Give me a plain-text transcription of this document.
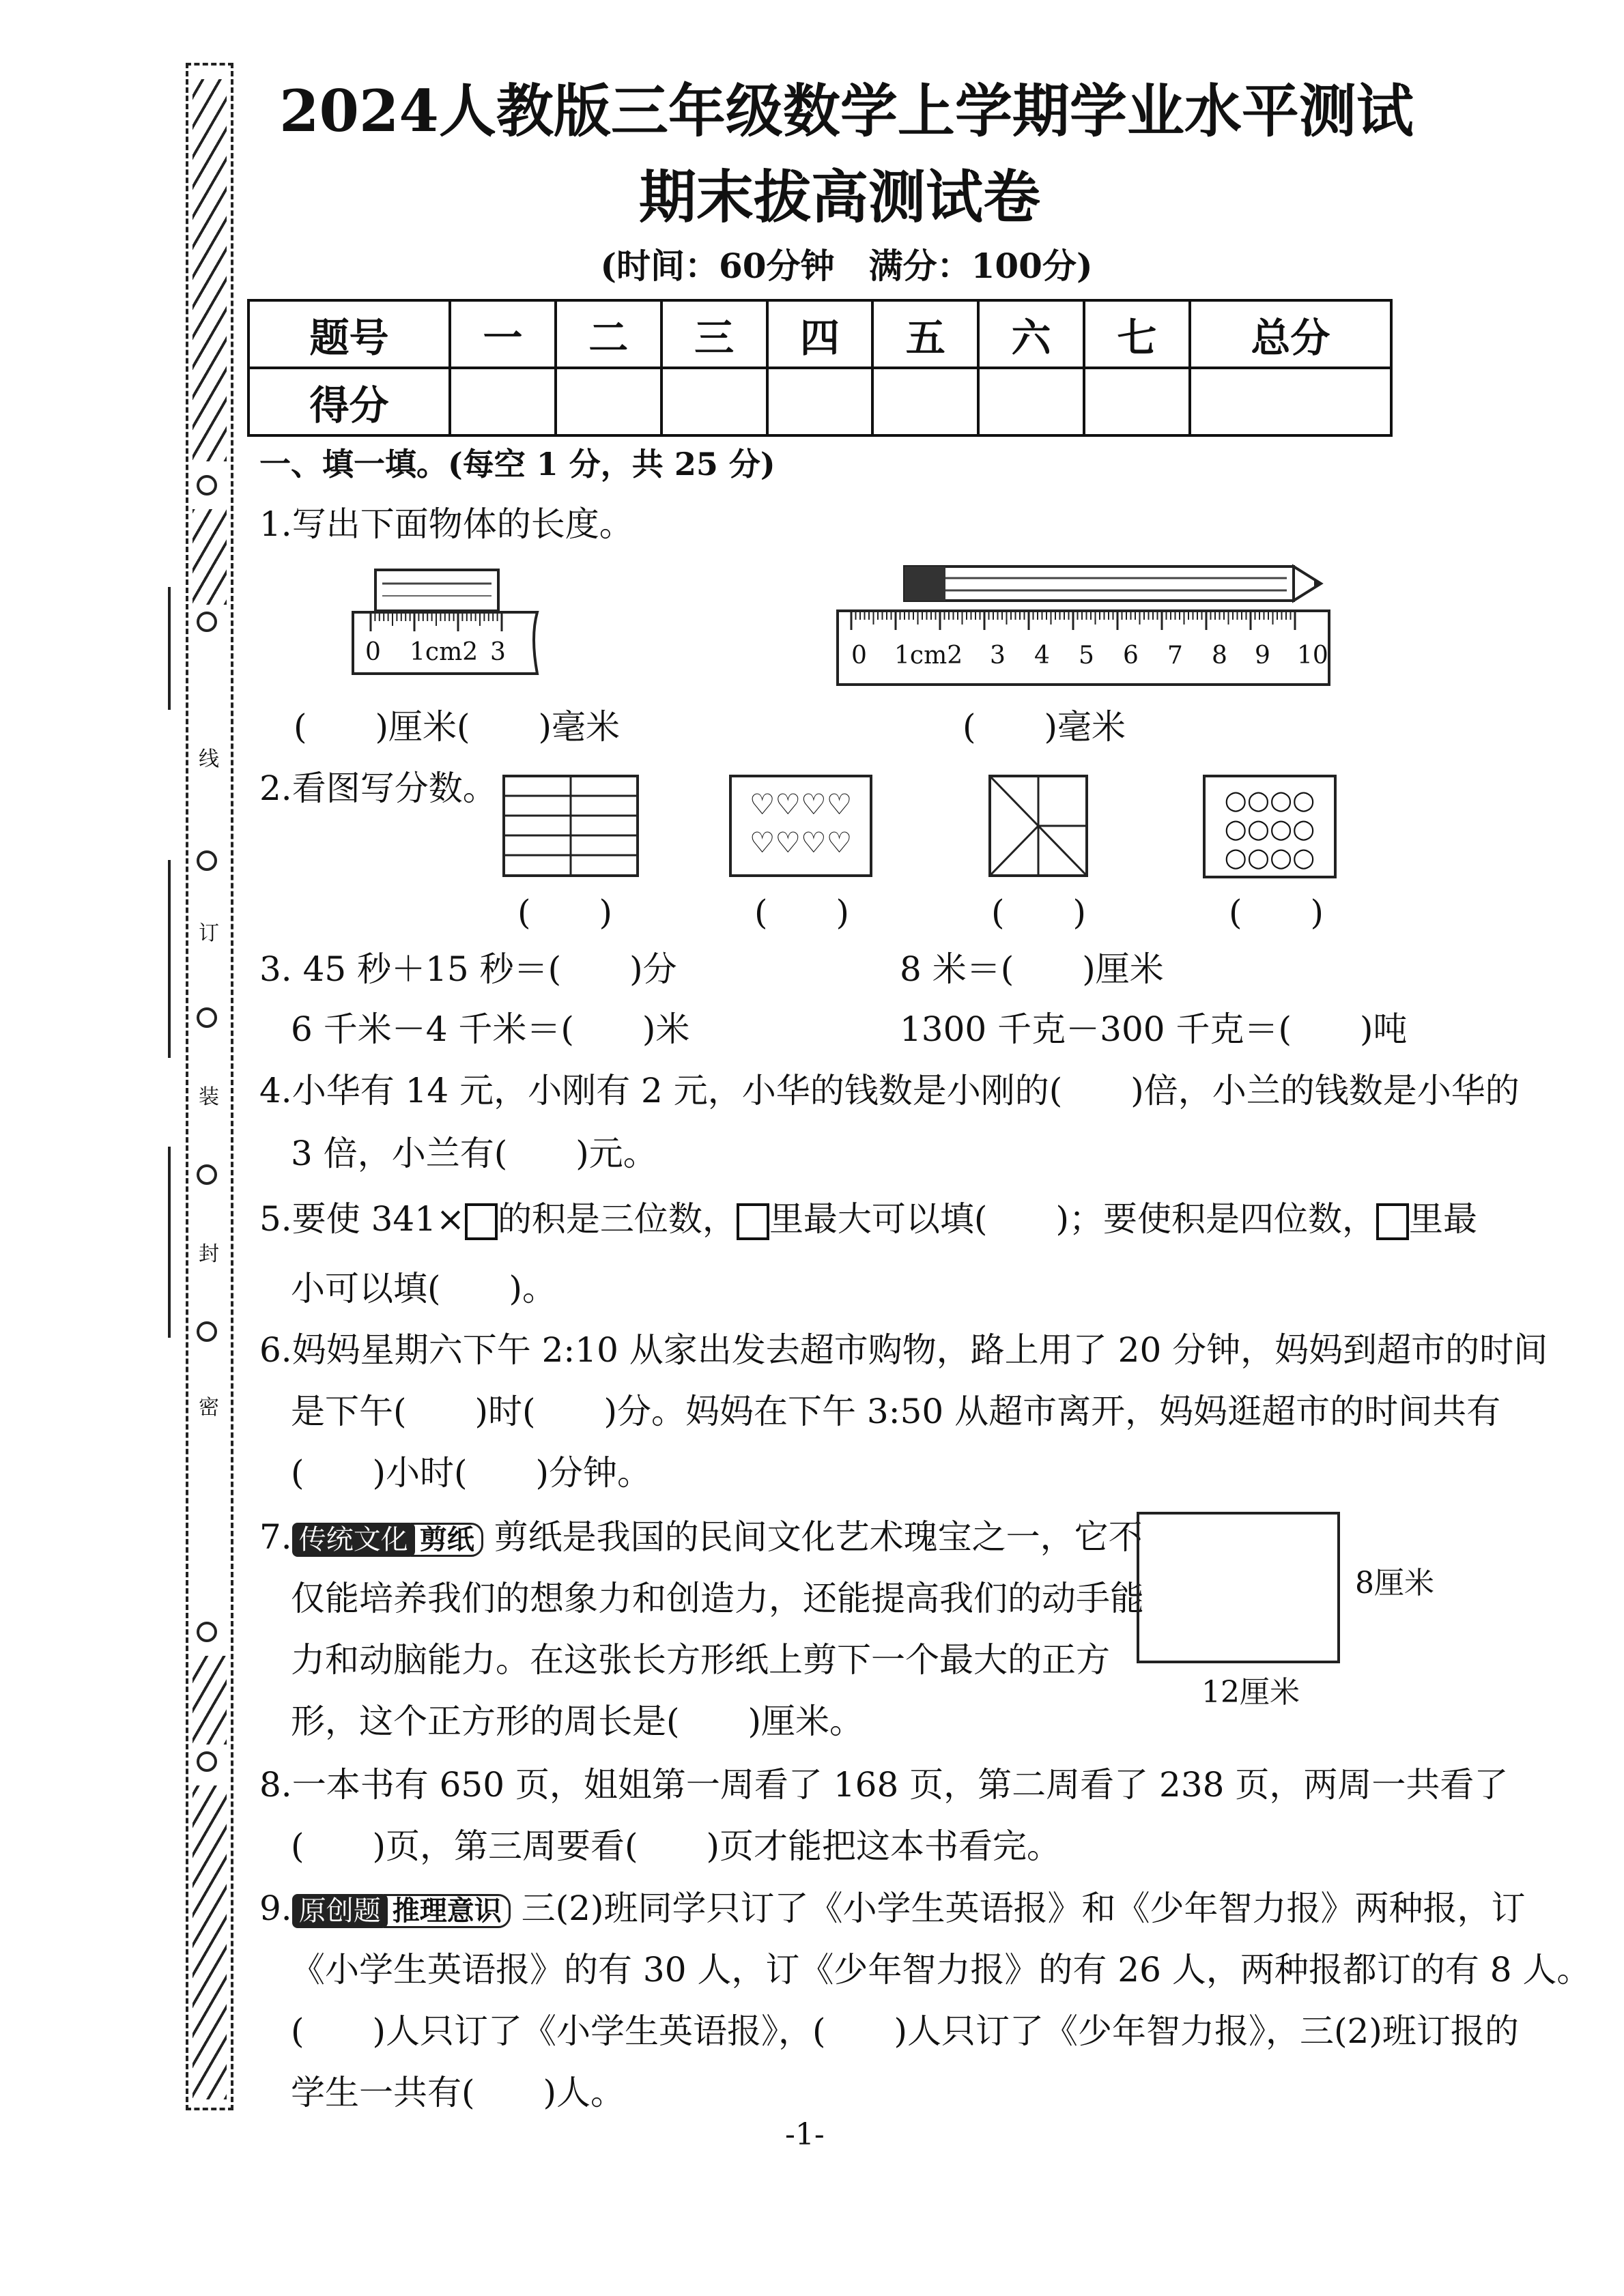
线
订
装
封
密
2024人教版三年级数学上学期学业水平测试
期末拔高测试卷
(时间：60分钟　满分：100分)
题号	一	二	三	四	五	六	七	总分
得分								
一、填一填。(每空 1 分，共 25 分)
1.写出下面物体的长度。
0 1cm2 3	0 1cm2 3 4 5 6 7 8 9 10
(　　)厘米(　　)毫米	(　　)毫米
2.看图写分数。	♡♡♡♡
♡♡♡♡
○○○○
○○○○
○○○○
(　　)	(　　)	(　　)	(　　)
3. 45 秒＋15 秒＝(　　)分	8 米＝(　　)厘米
6 千米－4 千米＝(　　)米	1300 千克－300 千克＝(　　)吨
4.小华有 14 元，小刚有 2 元，小华的钱数是小刚的(　　)倍，小兰的钱数是小华的
3 倍，小兰有(　　)元。
5.要使 341× 的积是三位数， 里最大可以填(　　)；要使积是四位数， 里最
小可以填(　　)。
6.妈妈星期六下午 2:10 从家出发去超市购物，路上用了 20 分钟，妈妈到超市的时间
是下午(　　)时(　　)分。妈妈在下午 3:50 从超市离开，妈妈逛超市的时间共有
(　　)小时(　　)分钟。
7. 传统文化 剪纸 剪纸是我国的民间文化艺术瑰宝之一，它不
仅能培养我们的想象力和创造力，还能提高我们的动手能
力和动脑能力。在这张长方形纸上剪下一个最大的正方
形，这个正方形的周长是(　　)厘米。
8厘米
12厘米
8.一本书有 650 页，姐姐第一周看了 168 页，第二周看了 238 页，两周一共看了
(　　)页，第三周要看(　　)页才能把这本书看完。
9. 原创题 推理意识 三(2)班同学只订了《小学生英语报》和《少年智力报》两种报，订
《小学生英语报》的有 30 人，订《少年智力报》的有 26 人，两种报都订的有 8 人。
(　　)人只订了《小学生英语报》，(　　)人只订了《少年智力报》，三(2)班订报的
学生一共有(　　)人。
-1-
